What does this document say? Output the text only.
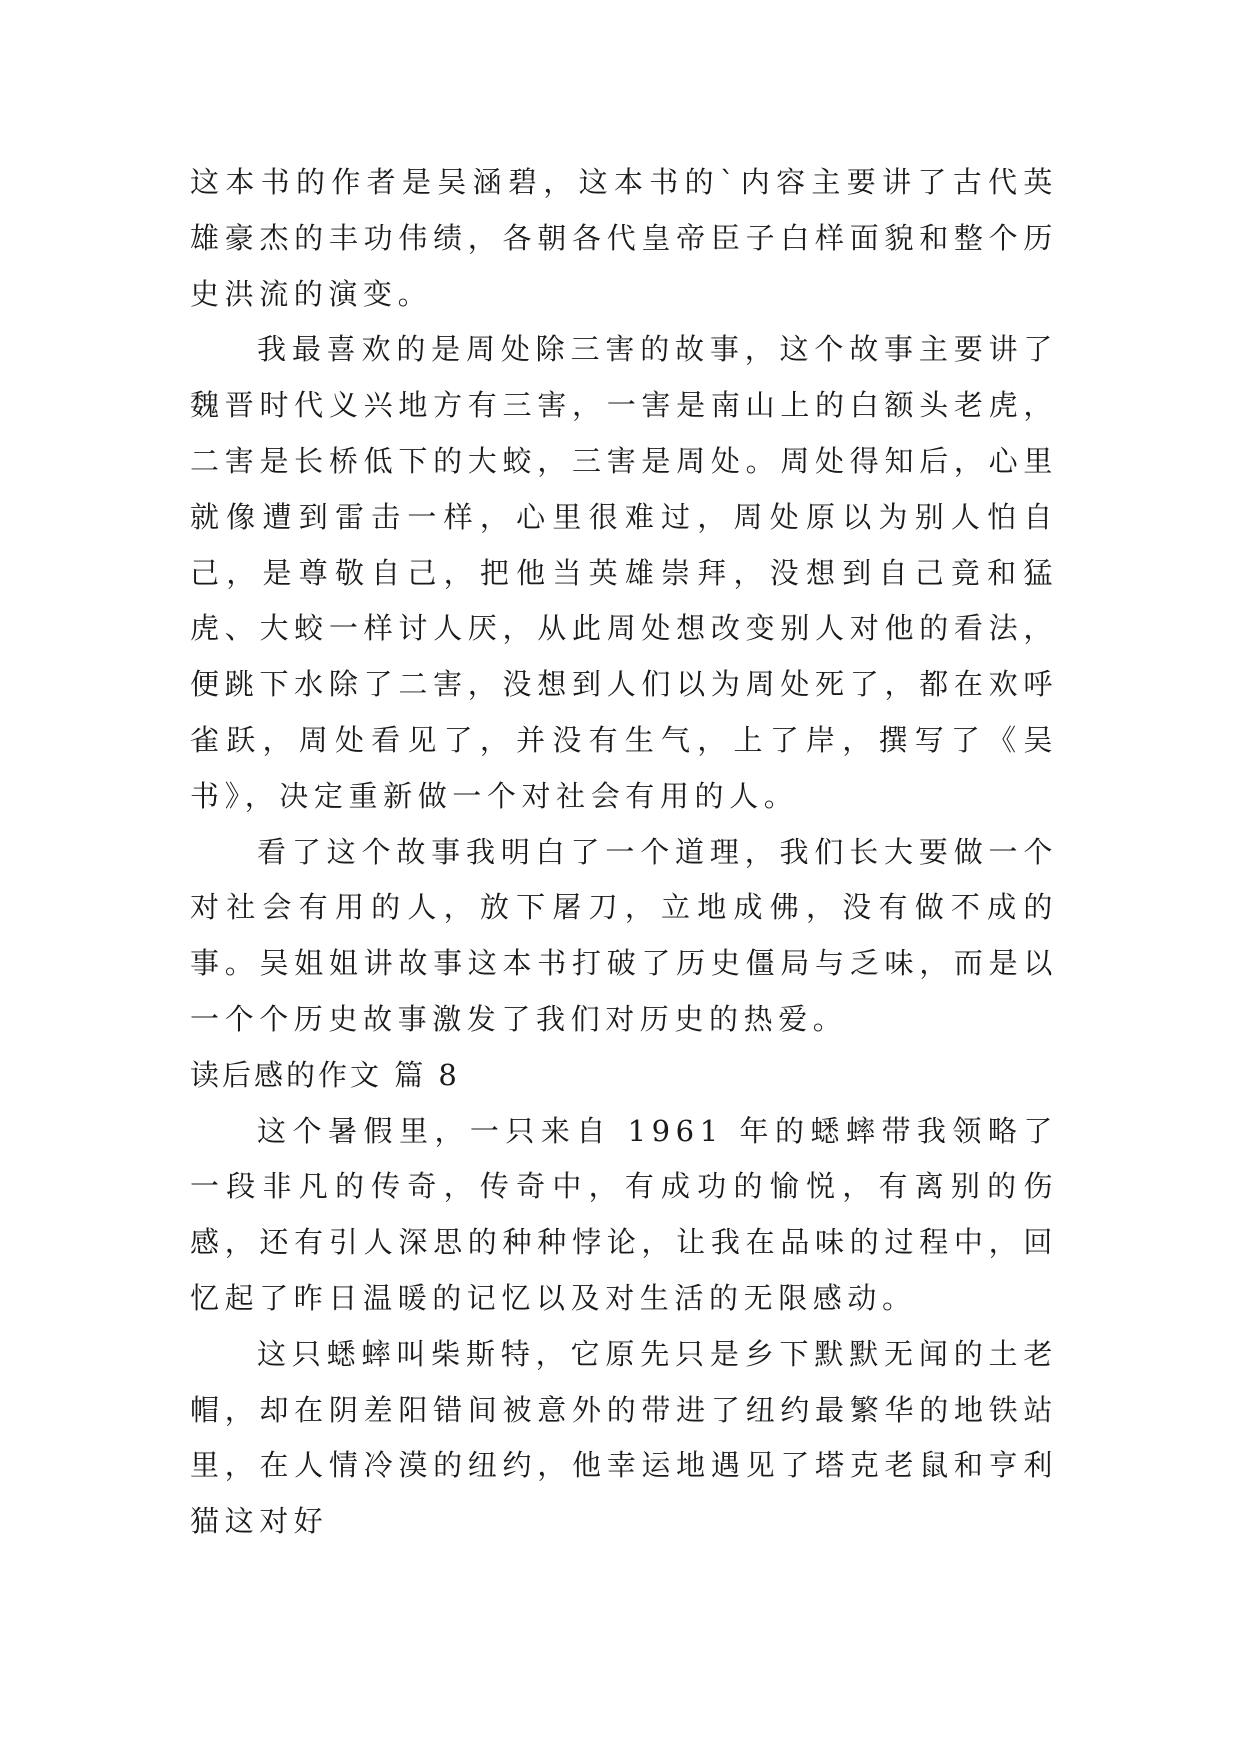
这本书的作者是吴涵碧，这本书的`内容主要讲了古代英雄豪杰的丰功伟绩，各朝各代皇帝臣子白样面貌和整个历史洪流的演变。

我最喜欢的是周处除三害的故事，这个故事主要讲了魏晋时代义兴地方有三害，一害是南山上的白额头老虎，二害是长桥低下的大蛟，三害是周处。周处得知后，心里就像遭到雷击一样，心里很难过，周处原以为别人怕自己，是尊敬自己，把他当英雄崇拜，没想到自己竟和猛虎、大蛟一样讨人厌，从此周处想改变别人对他的看法，便跳下水除了二害，没想到人们以为周处死了，都在欢呼雀跃，周处看见了，并没有生气，上了岸，撰写了《吴书》，决定重新做一个对社会有用的人。

看了这个故事我明白了一个道理，我们长大要做一个对社会有用的人，放下屠刀，立地成佛，没有做不成的事。吴姐姐讲故事这本书打破了历史僵局与乏味，而是以一个个历史故事激发了我们对历史的热爱。

读后感的作文 篇 8

这个暑假里，一只来自 1961 年的蟋蟀带我领略了一段非凡的传奇，传奇中，有成功的愉悦，有离别的伤感，还有引人深思的种种悖论，让我在品味的过程中，回忆起了昨日温暖的记忆以及对生活的无限感动。

这只蟋蟀叫柴斯特，它原先只是乡下默默无闻的土老帽，却在阴差阳错间被意外的带进了纽约最繁华的地铁站里，在人情冷漠的纽约，他幸运地遇见了塔克老鼠和亨利猫这对好
